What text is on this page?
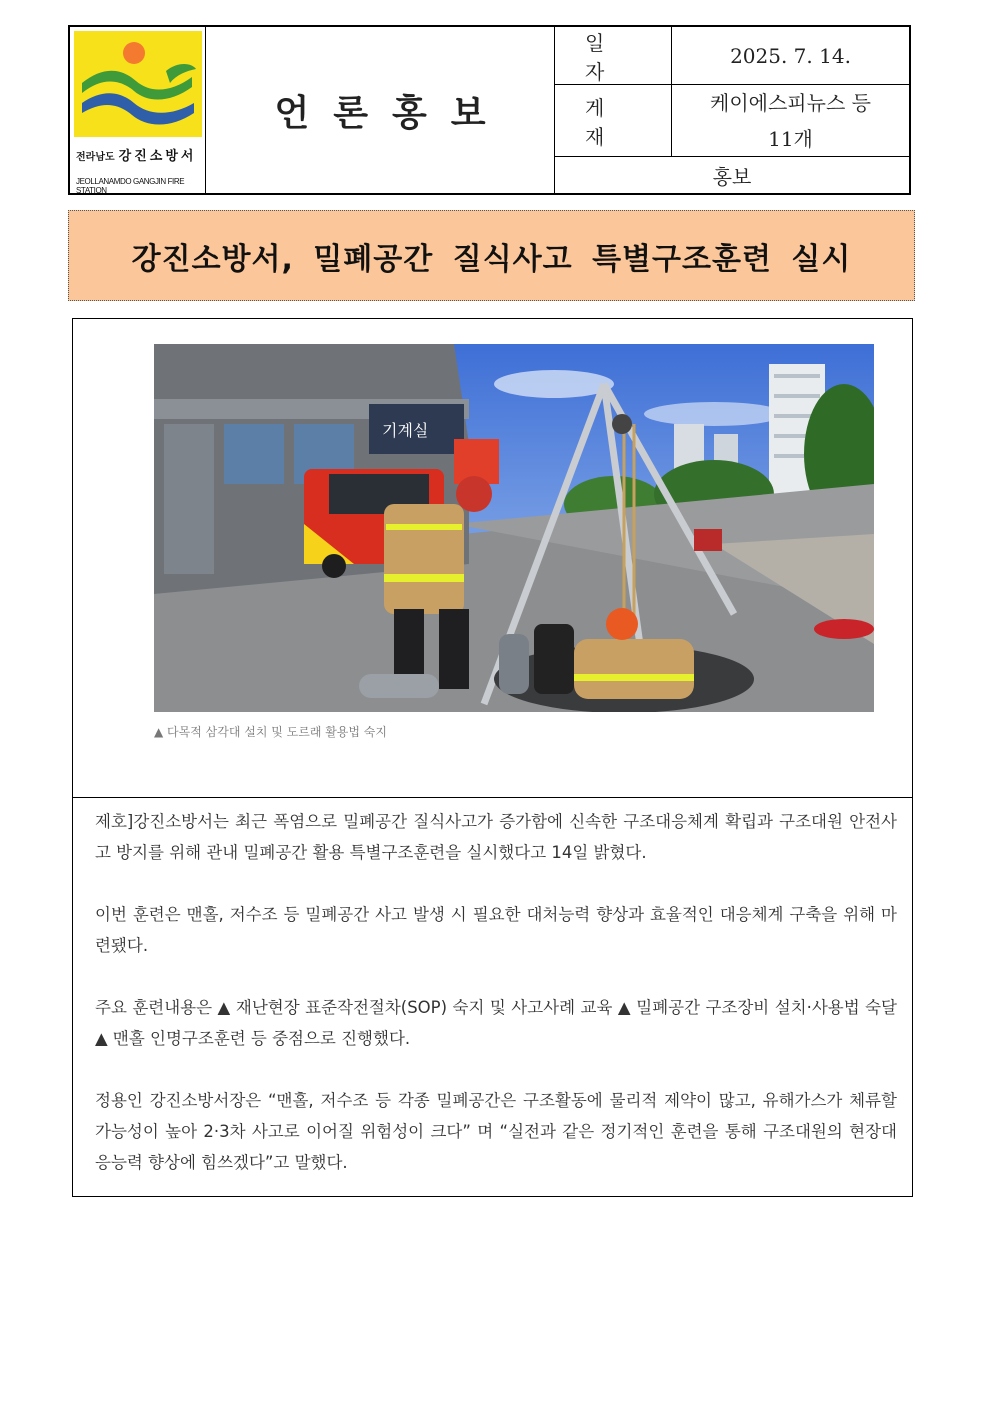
전라남도 강진소방서
JEOLLANAMDO GANGJIN FIRE STATION
언론홍보
일자
2025. 7. 14.
게재
케이에스피뉴스 등
11개
홍보
강진소방서, 밀폐공간 질식사고 특별구조훈련 실시
기계실
▲ 다목적 삼각대 설치 및 도르래 활용법 숙지

제호]강진소방서는 최근 폭염으로 밀폐공간 질식사고가 증가함에 신속한 구조대응체계 확립과 구조대원 안전사고 방지를 위해 관내 밀폐공간 활용 특별구조훈련을 실시했다고 14일 밝혔다.

이번 훈련은 맨홀, 저수조 등 밀폐공간 사고 발생 시 필요한 대처능력 향상과 효율적인 대응체계 구축을 위해 마련됐다.

주요 훈련내용은 ▲ 재난현장 표준작전절차(SOP) 숙지 및 사고사례 교육 ▲ 밀폐공간 구조장비 설치·사용법 숙달 ▲ 맨홀 인명구조훈련 등 중점으로 진행했다.

정용인 강진소방서장은 “맨홀, 저수조 등 각종 밀폐공간은 구조활동에 물리적 제약이 많고, 유해가스가 체류할 가능성이 높아 2·3차 사고로 이어질 위험성이 크다” 며 “실전과 같은 정기적인 훈련을 통해 구조대원의 현장대응능력 향상에 힘쓰겠다”고 말했다.
